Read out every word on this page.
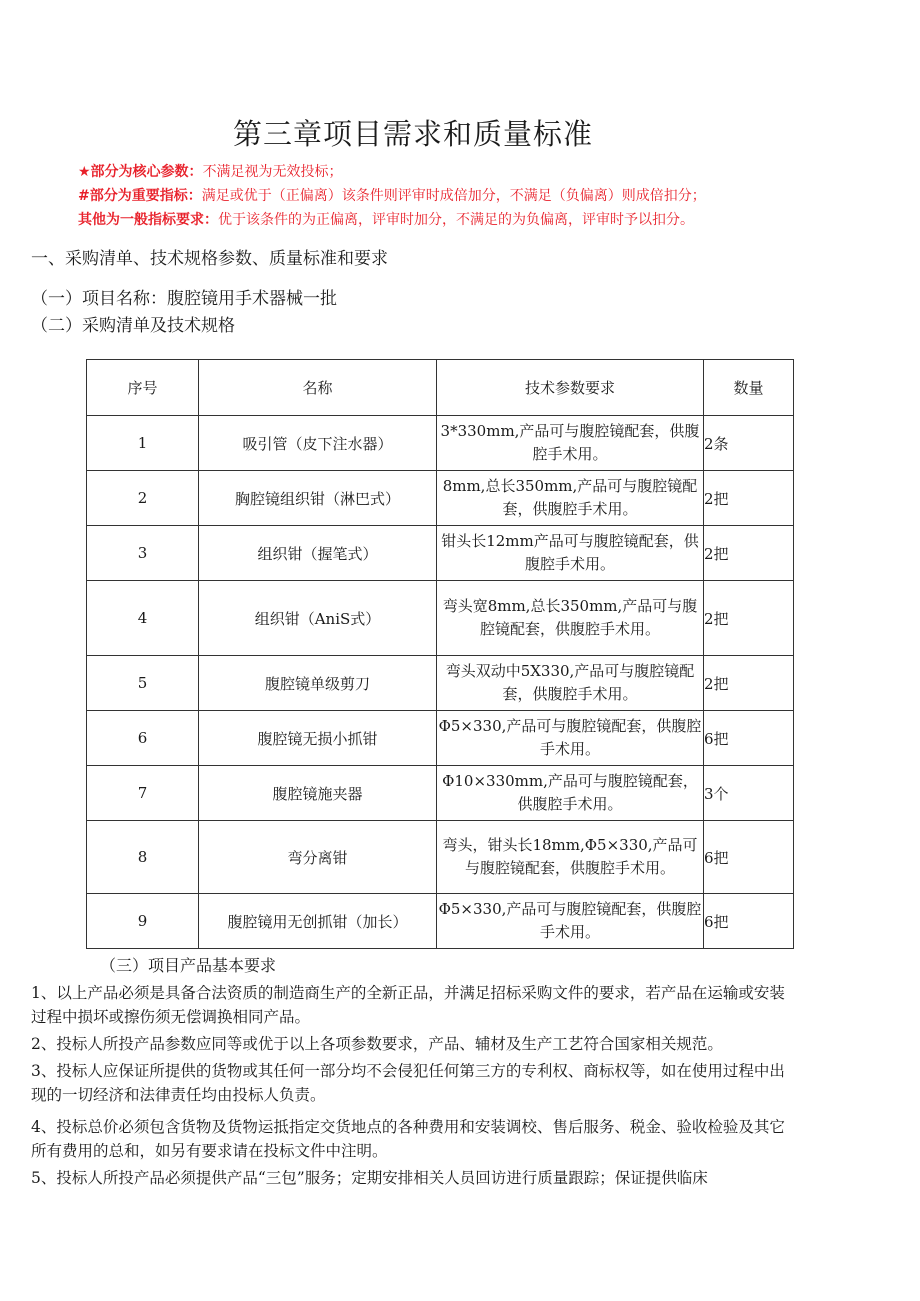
第三章项目需求和质量标准
★部分为核心参数：不满足视为无效投标；
#部分为重要指标：满足或优于（正偏离）该条件则评审时成倍加分，不满足（负偏离）则成倍扣分；
其他为一般指标要求：优于该条件的为正偏离，评审时加分，不满足的为负偏离，评审时予以扣分。
一、采购清单、技术规格参数、质量标准和要求
（一）项目名称：腹腔镜用手术器械一批
（二）采购清单及技术规格
序号	名称	技术参数要求	数量
1	吸引管（皮下注水器）	3*330mm,产品可与腹腔镜配套，供腹腔手术用。	2条
2	胸腔镜组织钳（淋巴式）	8mm,总长350mm,产品可与腹腔镜配套，供腹腔手术用。	2把
3	组织钳（握笔式）	钳头长12mm产品可与腹腔镜配套，供腹腔手术用。	2把
4	组织钳（AniS式）	弯头宽8mm,总长350mm,产品可与腹腔镜配套，供腹腔手术用。	2把
5	腹腔镜单级剪刀	弯头双动中5X330,产品可与腹腔镜配套，供腹腔手术用。	2把
6	腹腔镜无损小抓钳	Φ5×330,产品可与腹腔镜配套，供腹腔手术用。	6把
7	腹腔镜施夹器	Φ10×330mm,产品可与腹腔镜配套，供腹腔手术用。	3个
8	弯分离钳	弯头，钳头长18mm,Φ5×330,产品可与腹腔镜配套，供腹腔手术用。	6把
9	腹腔镜用无创抓钳（加长）	Φ5×330,产品可与腹腔镜配套，供腹腔手术用。	6把
（三）项目产品基本要求

1、以上产品必须是具备合法资质的制造商生产的全新正品，并满足招标采购文件的要求，若产品在运输或安装过程中损坏或擦伤须无偿调换相同产品。

2、投标人所投产品参数应同等或优于以上各项参数要求，产品、辅材及生产工艺符合国家相关规范。

3、投标人应保证所提供的货物或其任何一部分均不会侵犯任何第三方的专利权、商标权等，如在使用过程中出现的一切经济和法律责任均由投标人负责。

4、投标总价必须包含货物及货物运抵指定交货地点的各种费用和安装调校、售后服务、税金、验收检验及其它所有费用的总和，如另有要求请在投标文件中注明。

5、投标人所投产品必须提供产品“三包”服务；定期安排相关人员回访进行质量跟踪；保证提供临床
